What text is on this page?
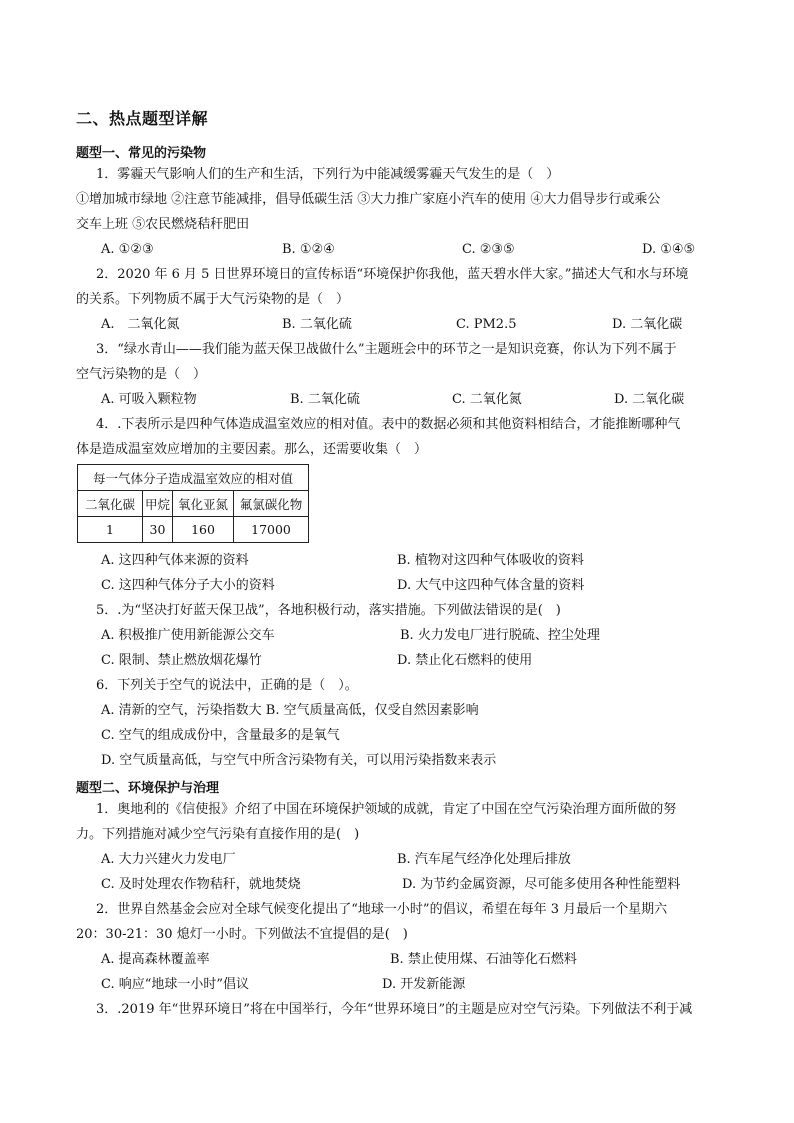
二、热点题型详解
题型一、常见的污染物
1．雾霾天气影响人们的生产和生活，下列行为中能减缓雾霾天气发生的是（　）
①增加城市绿地 ②注意节能减排，倡导低碳生活 ③大力推广家庭小汽车的使用 ④大力倡导步行或乘公
交车上班 ⑤农民燃烧秸秆肥田
A. ①②③	B. ①②④	C. ②③⑤	D. ①④⑤
2．2020 年 6 月 5 日世界环境日的宣传标语“环境保护你我他，蓝天碧水伴大家。”描述大气和水与环境
的关系。下列物质不属于大气污染物的是（　）
A.　二氧化氮	B. 二氧化硫	C. PM2.5	D. 二氧化碳
3．“绿水青山——我们能为蓝天保卫战做什么”主题班会中的环节之一是知识竞赛，你认为下列不属于
空气污染物的是（　）
A. 可吸入颗粒物	B. 二氧化硫	C. 二氧化氮	D. 二氧化碳
4．.下表所示是四种气体造成温室效应的相对值。表中的数据必须和其他资料相结合，才能推断哪种气
体是造成温室效应增加的主要因素。那么，还需要收集（　）
每一气体分子造成温室效应的相对值			
二氧化碳	甲烷	氧化亚氮	氟氯碳化物
1	30	160	17000
A. 这四种气体来源的资料	B. 植物对这四种气体吸收的资料
C. 这四种气体分子大小的资料	D. 大气中这四种气体含量的资料
5．.为“坚决打好蓝天保卫战”，各地积极行动，落实措施。下列做法错误的是(　)
A. 积极推广使用新能源公交车	B. 火力发电厂进行脱硫、控尘处理
C. 限制、禁止燃放烟花爆竹	D. 禁止化石燃料的使用
6．下列关于空气的说法中，正确的是（　）。
A. 清新的空气，污染指数大 B. 空气质量高低，仅受自然因素影响
C. 空气的组成成份中，含量最多的是氧气
D. 空气质量高低，与空气中所含污染物有关，可以用污染指数来表示
题型二、环境保护与治理
1．奥地利的《信使报》介绍了中国在环境保护领域的成就，肯定了中国在空气污染治理方面所做的努
力。下列措施对减少空气污染有直接作用的是(　)
A. 大力兴建火力发电厂	B. 汽车尾气经净化处理后排放
C. 及时处理农作物秸秆，就地焚烧	D. 为节约金属资源，尽可能多使用各种性能塑料
2．世界自然基金会应对全球气候变化提出了“地球一小时”的倡议，希望在每年 3 月最后一个星期六
20：30-21：30 熄灯一小时。下列做法不宜提倡的是(　)
A. 提高森林覆盖率	B. 禁止使用煤、石油等化石燃料
C. 响应“地球一小时”倡议	D. 开发新能源
3．.2019 年“世界环境日”将在中国举行，今年“世界环境日”的主题是应对空气污染。下列做法不利于减
